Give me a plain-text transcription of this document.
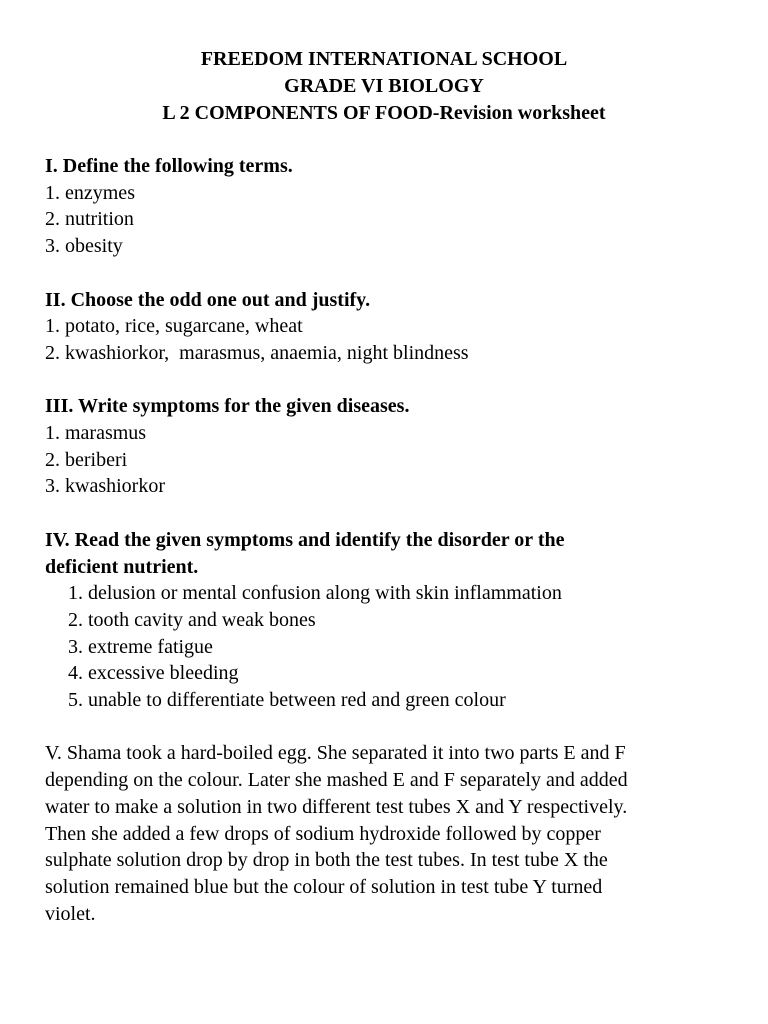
FREEDOM INTERNATIONAL SCHOOL
GRADE VI BIOLOGY
L 2 COMPONENTS OF FOOD-Revision worksheet

I. Define the following terms.

1. enzymes

2. nutrition

3. obesity

II. Choose the odd one out and justify.

1. potato, rice, sugarcane, wheat

2. kwashiorkor,  marasmus, anaemia, night blindness

III. Write symptoms for the given diseases.

1. marasmus

2. beriberi

3. kwashiorkor

IV. Read the given symptoms and identify the disorder or the

deficient nutrient.

1. delusion or mental confusion along with skin inflammation

2. tooth cavity and weak bones

3. extreme fatigue

4. excessive bleeding

5. unable to differentiate between red and green colour

V. Shama took a hard-boiled egg. She separated it into two parts E and F

depending on the colour. Later she mashed E and F separately and added

water to make a solution in two different test tubes X and Y respectively.

Then she added a few drops of sodium hydroxide followed by copper

sulphate solution drop by drop in both the test tubes. In test tube X the

solution remained blue but the colour of solution in test tube Y turned

violet.
